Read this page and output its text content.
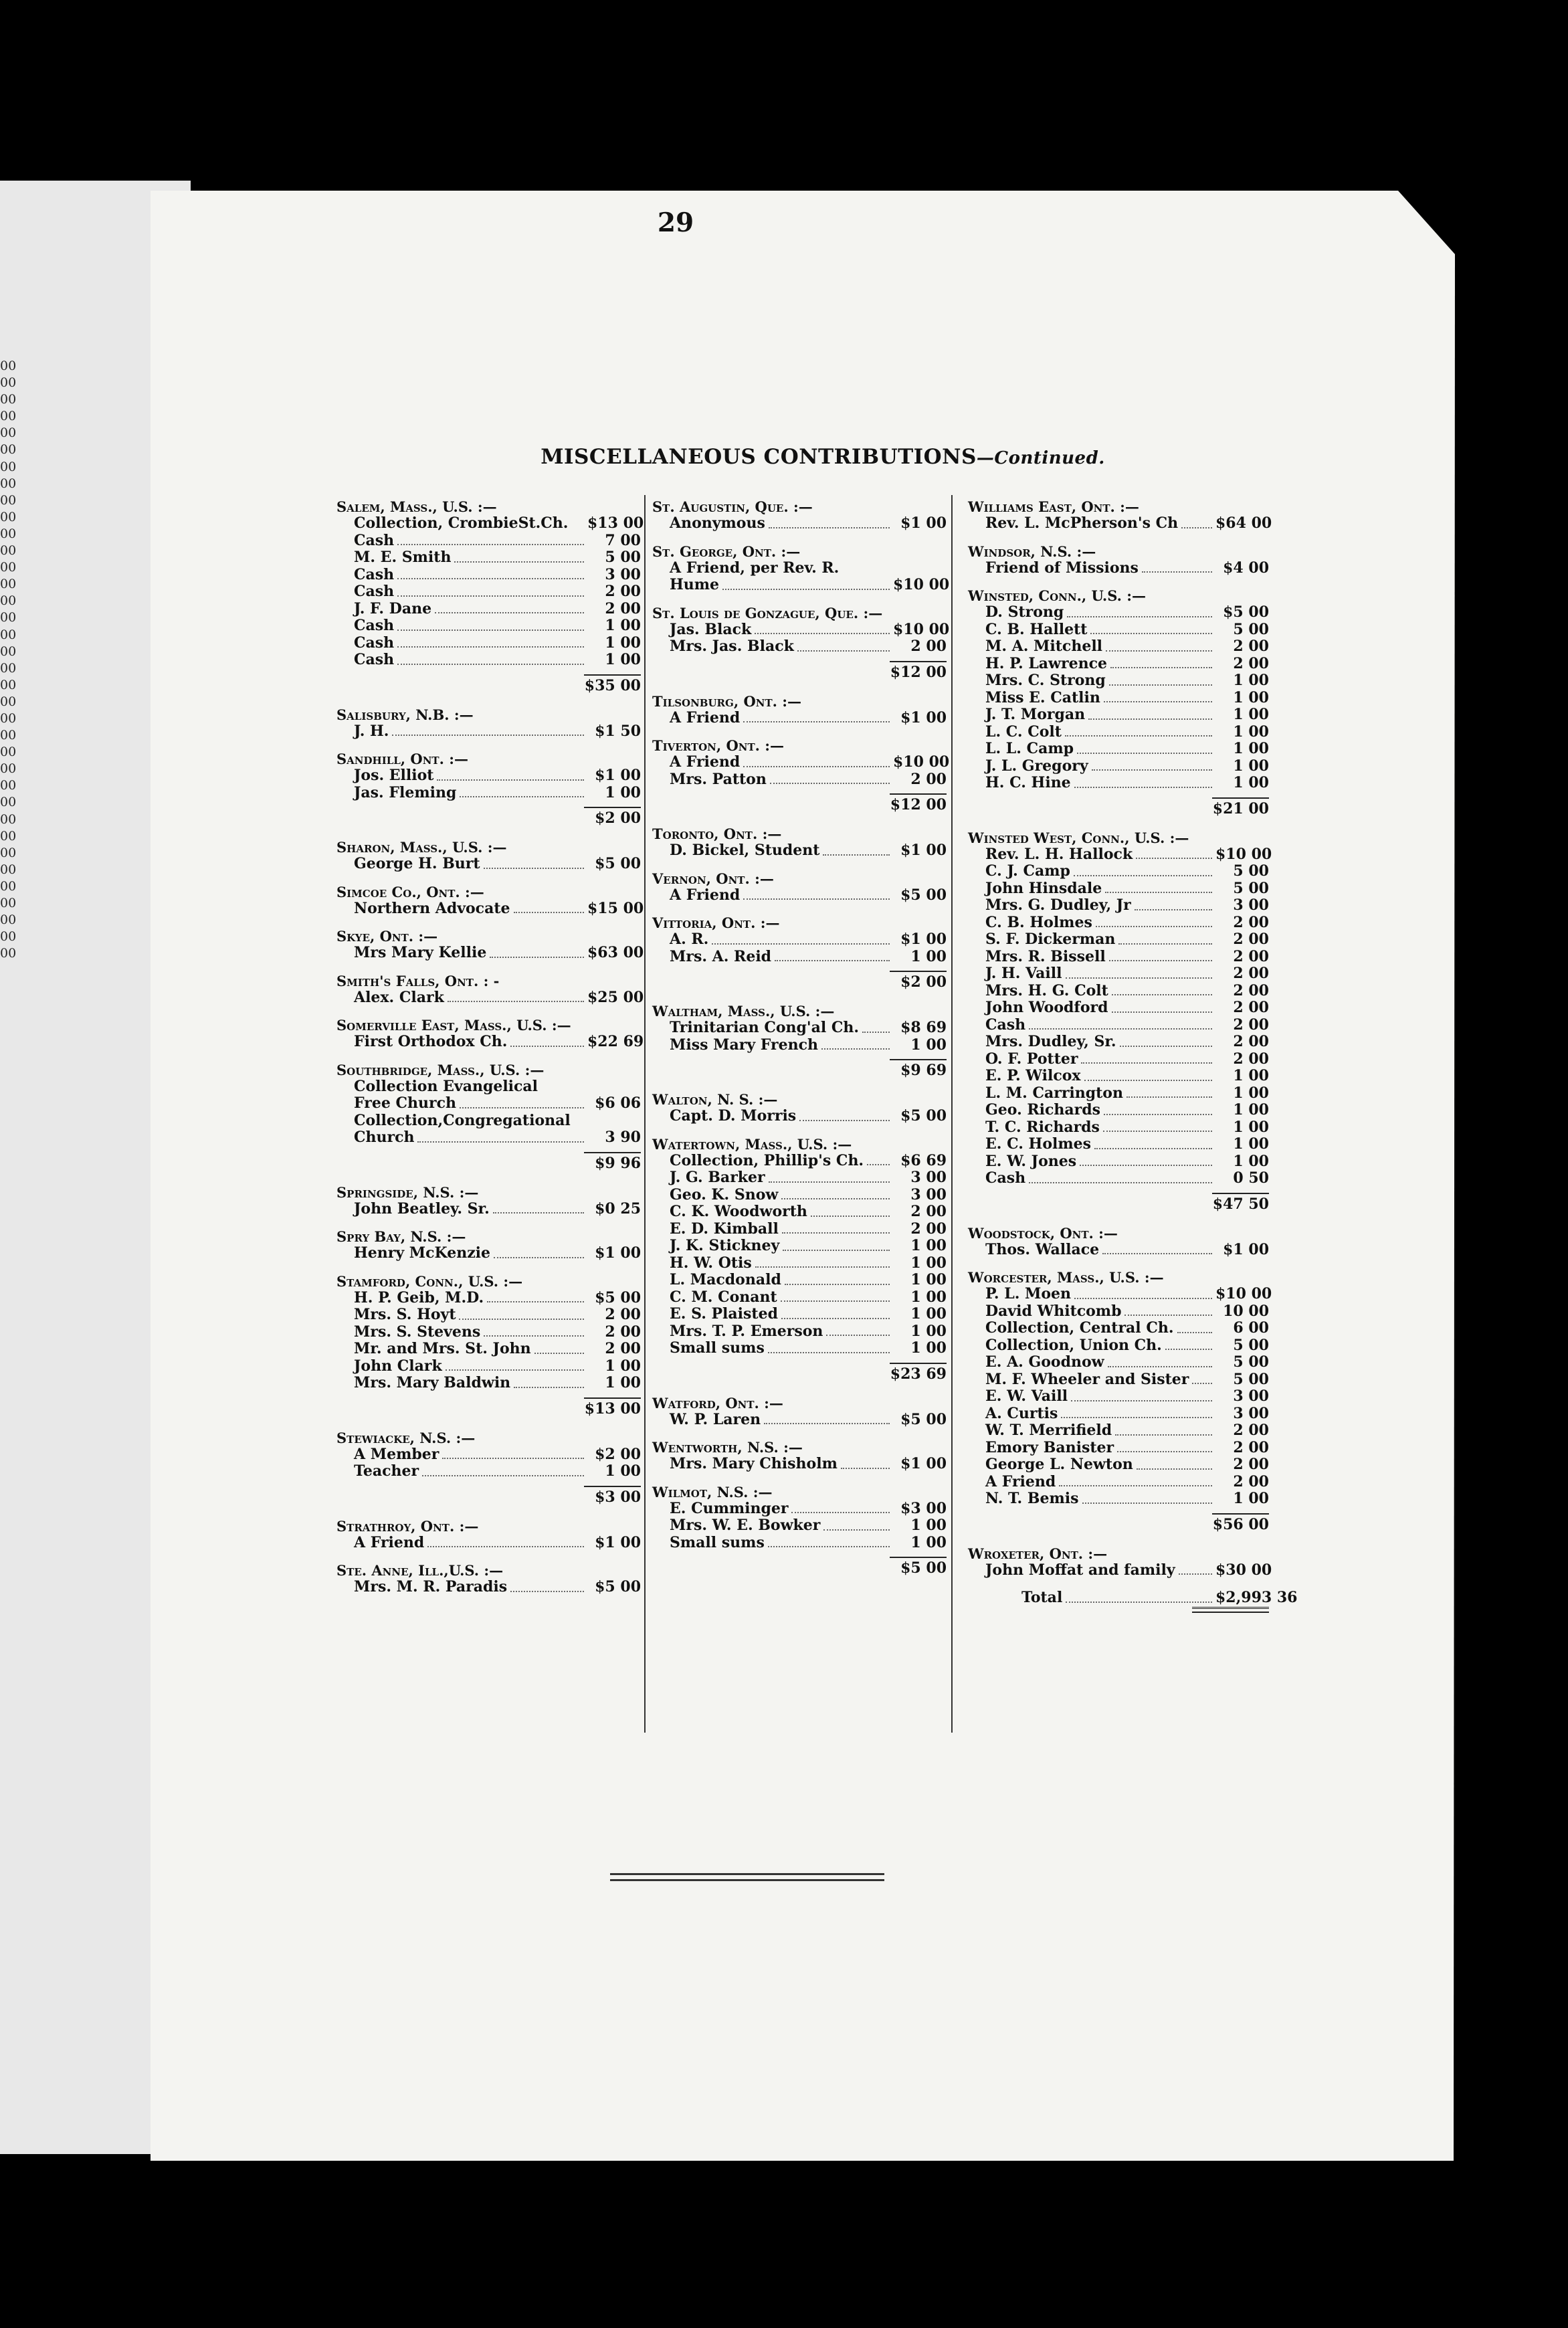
00
00
00
00
00
00
00
00
00
00
00
00
00
00
00
00
00
00
00
00
00
00
00
00
00
00
00
00
00
00
00
00
00
00
00
00
29
MISCELLANEOUS CONTRIBUTIONS—Continued.
Salem, Mass., U.S. :—
Collection, CrombieSt.Ch. $13 00
Cash	7 00
M. E. Smith	5 00
Cash	3 00
Cash	2 00
J. F. Dane	2 00
Cash	1 00
Cash	1 00
Cash	1 00
$35 00
Salisbury, N.B. :—
J. H.	$1 50
Sandhill, Ont. :—
Jos. Elliot	$1 00
Jas. Fleming	1 00
$2 00
Sharon, Mass., U.S. :—
George H. Burt	$5 00
Simcoe Co., Ont. :—
Northern Advocate	$15 00
Skye, Ont. :—
Mrs Mary Kellie	$63 00
Smith's Falls, Ont. : -
Alex. Clark	$25 00
Somerville East, Mass., U.S. :—
First Orthodox Ch.	$22 69
Southbridge, Mass., U.S. :—
Collection Evangelical
Free Church	$6 06
Collection,Congregational
Church	3 90
$9 96
Springside, N.S. :—
John Beatley. Sr.	$0 25
Spry Bay, N.S. :—
Henry McKenzie	$1 00
Stamford, Conn., U.S. :—
H. P. Geib, M.D.	$5 00
Mrs. S. Hoyt	2 00
Mrs. S. Stevens	2 00
Mr. and Mrs. St. John	2 00
John Clark	1 00
Mrs. Mary Baldwin	1 00
$13 00
Stewiacke, N.S. :—
A Member	$2 00
Teacher	1 00
$3 00
Strathroy, Ont. :—
A Friend	$1 00
Ste. Anne, Ill.,U.S. :—
Mrs. M. R. Paradis	$5 00
St. Augustin, Que. :—
Anonymous	$1 00
St. George, Ont. :—
A Friend, per Rev. R.
Hume	$10 00
St. Louis de Gonzague, Que. :—
Jas. Black	$10 00
Mrs. Jas. Black	2 00
$12 00
Tilsonburg, Ont. :—
A Friend	$1 00
Tiverton, Ont. :—
A Friend	$10 00
Mrs. Patton	2 00
$12 00
Toronto, Ont. :—
D. Bickel, Student	$1 00
Vernon, Ont. :—
A Friend	$5 00
Vittoria, Ont. :—
A. R.	$1 00
Mrs. A. Reid	1 00
$2 00
Waltham, Mass., U.S. :—
Trinitarian Cong'al Ch.	$8 69
Miss Mary French	1 00
$9 69
Walton, N. S. :—
Capt. D. Morris	$5 00
Watertown, Mass., U.S. :—
Collection, Phillip's Ch.	$6 69
J. G. Barker	3 00
Geo. K. Snow	3 00
C. K. Woodworth	2 00
E. D. Kimball	2 00
J. K. Stickney	1 00
H. W. Otis	1 00
L. Macdonald	1 00
C. M. Conant	1 00
E. S. Plaisted	1 00
Mrs. T. P. Emerson	1 00
Small sums	1 00
$23 69
Watford, Ont. :—
W. P. Laren	$5 00
Wentworth, N.S. :—
Mrs. Mary Chisholm	$1 00
Wilmot, N.S. :—
E. Cumminger	$3 00
Mrs. W. E. Bowker	1 00
Small sums	1 00
$5 00
Williams East, Ont. :—
Rev. L. McPherson's Ch	$64 00
Windsor, N.S. :—
Friend of Missions	$4 00
Winsted, Conn., U.S. :—
D. Strong	$5 00
C. B. Hallett	5 00
M. A. Mitchell	2 00
H. P. Lawrence	2 00
Mrs. C. Strong	1 00
Miss E. Catlin	1 00
J. T. Morgan	1 00
L. C. Colt	1 00
L. L. Camp	1 00
J. L. Gregory	1 00
H. C. Hine	1 00
$21 00
Winsted West, Conn., U.S. :—
Rev. L. H. Hallock	$10 00
C. J. Camp	5 00
John Hinsdale	5 00
Mrs. G. Dudley, Jr	3 00
C. B. Holmes	2 00
S. F. Dickerman	2 00
Mrs. R. Bissell	2 00
J. H. Vaill	2 00
Mrs. H. G. Colt	2 00
John Woodford	2 00
Cash	2 00
Mrs. Dudley, Sr.	2 00
O. F. Potter	2 00
E. P. Wilcox	1 00
L. M. Carrington	1 00
Geo. Richards	1 00
T. C. Richards	1 00
E. C. Holmes	1 00
E. W. Jones	1 00
Cash	0 50
$47 50
Woodstock, Ont. :—
Thos. Wallace	$1 00
Worcester, Mass., U.S. :—
P. L. Moen	$10 00
David Whitcomb	10 00
Collection, Central Ch.	6 00
Collection, Union Ch.	5 00
E. A. Goodnow	5 00
M. F. Wheeler and Sister	5 00
E. W. Vaill	3 00
A. Curtis	3 00
W. T. Merrifield	2 00
Emory Banister	2 00
George L. Newton	2 00
A Friend	2 00
N. T. Bemis	1 00
$56 00
Wroxeter, Ont. :—
John Moffat and family	$30 00
Total	$2,993 36
